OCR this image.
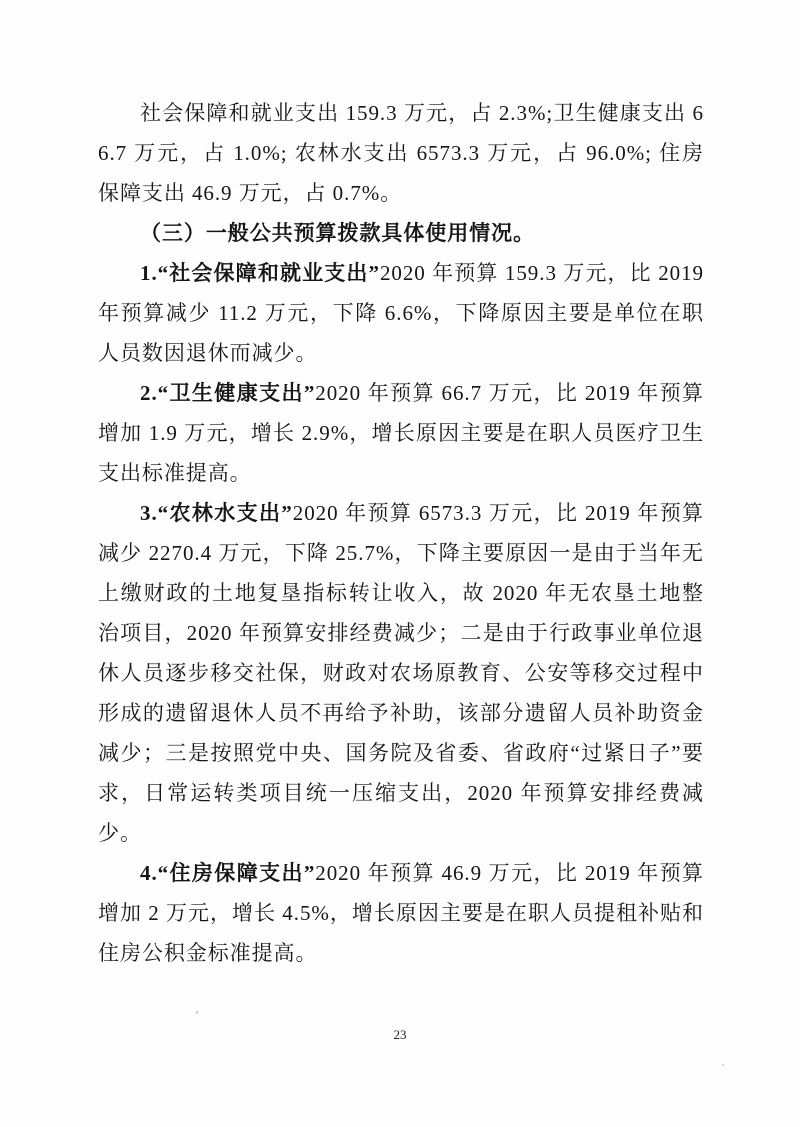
社会保障和就业支出 159.3 万元，占 2.3%;卫生健康支出 66.7 万元，占 1.0%; 农林水支出 6573.3 万元，占 96.0%; 住房保障支出 46.9 万元，占 0.7%。

（三）一般公共预算拨款具体使用情况。

1.“社会保障和就业支出”2020 年预算 159.3 万元，比 2019 年预算减少 11.2 万元，下降 6.6%，下降原因主要是单位在职人员数因退休而减少。

2.“卫生健康支出”2020 年预算 66.7 万元，比 2019 年预算增加 1.9 万元，增长 2.9%，增长原因主要是在职人员医疗卫生支出标准提高。

3.“农林水支出”2020 年预算 6573.3 万元，比 2019 年预算减少 2270.4 万元，下降 25.7%，下降主要原因一是由于当年无上缴财政的土地复垦指标转让收入，故 2020 年无农垦土地整治项目，2020 年预算安排经费减少；二是由于行政事业单位退休人员逐步移交社保，财政对农场原教育、公安等移交过程中形成的遗留退休人员不再给予补助，该部分遗留人员补助资金减少；三是按照党中央、国务院及省委、省政府“过紧日子”要求，日常运转类项目统一压缩支出，2020 年预算安排经费减少。

4.“住房保障支出”2020 年预算 46.9 万元，比 2019 年预算增加 2 万元，增长 4.5%，增长原因主要是在职人员提租补贴和住房公积金标准提高。

23
